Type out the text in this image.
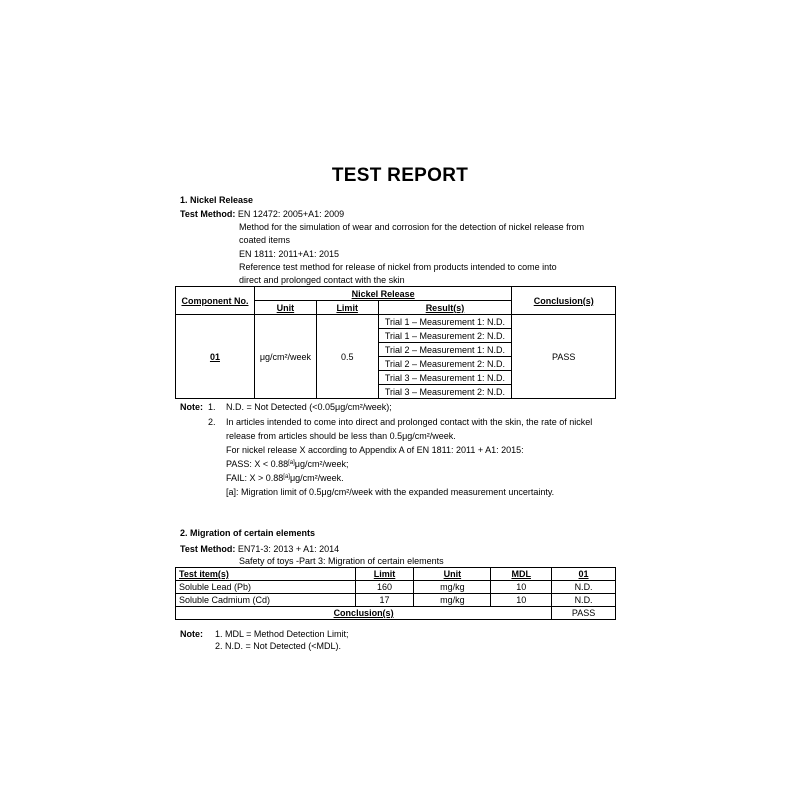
TEST REPORT
1. Nickel Release
Test Method: EN 12472: 2005+A1: 2009
Method for the simulation of wear and corrosion for the detection of nickel release from
coated items
EN 1811: 2011+A1: 2015
Reference test method for release of nickel from products intended to come into
direct and prolonged contact with the skin
Component No.	Nickel Release			Conclusion(s)
	Unit	Limit	Result(s)	
01	μg/cm²/week	0.5	Trial 1 – Measurement 1: N.D.	PASS
			Trial 1 – Measurement 2: N.D.	
			Trial 2 – Measurement 1: N.D.	
			Trial 2 – Measurement 2: N.D.	
			Trial 3 – Measurement 1: N.D.	
			Trial 3 – Measurement 2: N.D.	
Note: 1. N.D. = Not Detected (<0.05μg/cm²/week);
2. In articles intended to come into direct and prolonged contact with the skin, the rate of nickel
release from articles should be less than 0.5μg/cm²/week.
For nickel release X according to Appendix A of EN 1811: 2011 + A1: 2015:
PASS: X < 0.88[a]μg/cm²/week;
FAIL: X > 0.88[a]μg/cm²/week.
[a]: Migration limit of 0.5μg/cm²/week with the expanded measurement uncertainty.
2. Migration of certain elements
Test Method: EN71-3: 2013 + A1: 2014
Safety of toys -Part 3: Migration of certain elements
Test item(s)	Limit	Unit	MDL	01
Soluble Lead (Pb)	160	mg/kg	10	N.D.
Soluble Cadmium (Cd)	17	mg/kg	10	N.D.
Conclusion(s)				PASS
Note: 1. MDL = Method Detection Limit;
2. N.D. = Not Detected (<MDL).
